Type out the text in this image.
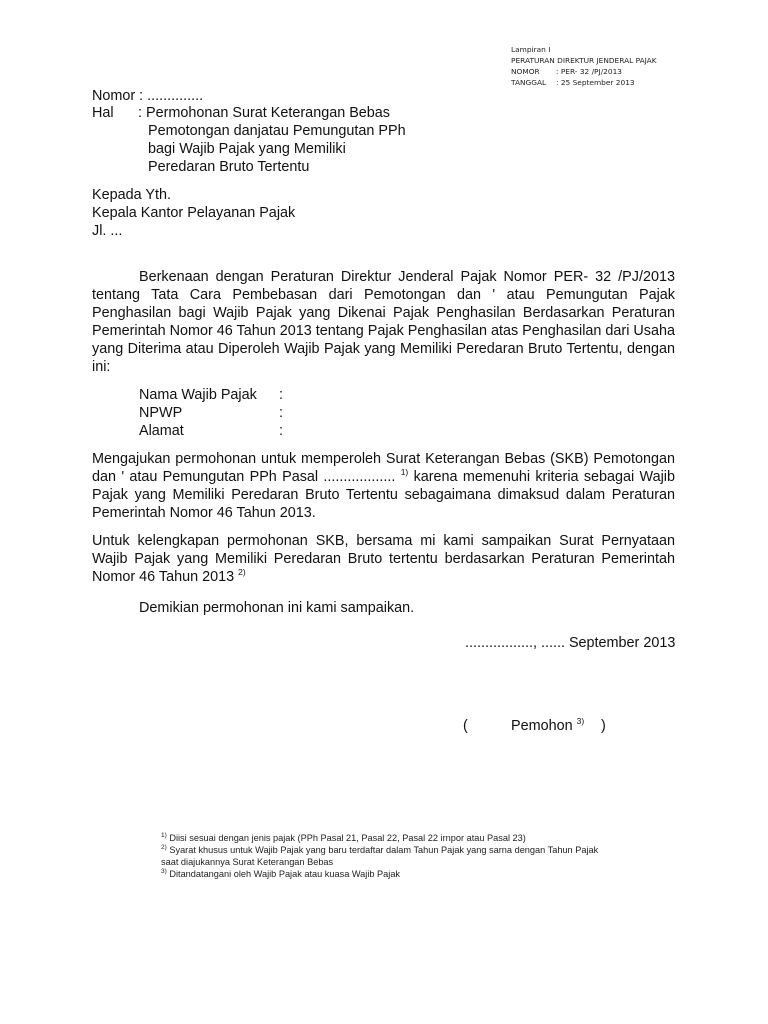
Lampiran I
PERATURAN DIREKTUR JENDERAL PAJAK
NOMOR : PER- 32 /PJ/2013
TANGGAL : 25 September 2013
Nomor : ..............
Hal : Permohonan Surat Keterangan Bebas
Pemotongan danjatau Pemungutan PPh
bagi Wajib Pajak yang Memiliki
Peredaran Bruto Tertentu
Kepada Yth.
Kepala Kantor Pelayanan Pajak
Jl. ...
Berkenaan dengan Peraturan Direktur Jenderal Pajak Nomor PER- 32 /PJ/2013 tentang Tata Cara Pembebasan dari Pemotongan dan ' atau Pemungutan Pajak Penghasilan bagi Wajib Pajak yang Dikenai Pajak Penghasilan Berdasarkan Peraturan Pemerintah Nomor 46 Tahun 2013 tentang Pajak Penghasilan atas Penghasilan dari Usaha yang Diterima atau Diperoleh Wajib Pajak yang Memiliki Peredaran Bruto Tertentu, dengan ini:
Nama Wajib Pajak :
NPWP	:
Alamat	:
Mengajukan permohonan untuk memperoleh Surat Keterangan Bebas (SKB) Pemotongan dan ' atau Pemungutan PPh Pasal .................. $^{1)}$ karena memenuhi kriteria sebagai Wajib Pajak yang Memiliki Peredaran Bruto Tertentu sebagaimana dimaksud dalam Peraturan Pemerintah Nomor 46 Tahun 2013.
Untuk kelengkapan permohonan SKB, bersama mi kami sampaikan Surat Pernyataan Wajib Pajak yang Memiliki Peredaran Bruto tertentu berdasarkan Peraturan Pemerintah Nomor 46 Tahun 2013 $^{2)}$
Demikian permohonan ini kami sampaikan.
................., ...... September 2013
(	Pemohon $^{3)}$ )
$^{1)}$ Diisi sesuai dengan jenis pajak (PPh Pasal 21, Pasal 22, Pasal 22 irnpor atau Pasal 23)
$^{2)}$ Syarat khusus untuk Wajib Pajak yang baru terdaftar dalam Tahun Pajak yang sarna dengan Tahun Pajak
saat diajukannya Surat Keterangan Bebas
$^{3)}$ Ditandatangani oleh Wajib Pajak atau kuasa Wajib Pajak
